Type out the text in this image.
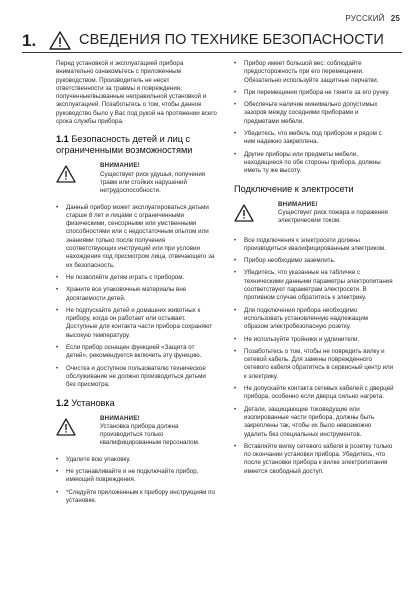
РУССКИЙ 25
1.	СВЕДЕНИЯ ПО ТЕХНИКЕ БЕЗОПАСНОСТИ

Перед установкой и эксплуатацией прибора внимательно ознакомьтесь с приложенным руководством. Производитель не несет ответственности за травмы и повреждения, полученные/вызванные неправильной установкой и эксплуатацией. Позаботьтесь о том, чтобы данное руководство было у Вас под рукой на протяжении всего срока службы прибора.

1.1 Безопасность детей и лиц с ограниченными возможностями
ВНИМАНИЕ!
Существует риск удушья, получения травм или стойких нарушений нетрудоспособности.
• Данный прибор может эксплуатироваться детьми старше 8 лет и лицами с ограниченными физическими, сенсорными или умственными способностями или с недостаточным опытом или знаниями только после получения соответствующих инструкций или при условии нахождения под присмотром лица, отвечающего за их безопасность.
• Не позволяйте детям играть с прибором.
• Храните все упаковочные материалы вне досягаемости детей.
• Не подпускайте детей и домашних животных к прибору, когда он работает или остывает. Доступные для контакта части прибора сохраняют высокую температуру.
• Если прибор оснащен функцией «Защита от детей», рекомендуется включить эту функцию.
• Очистка и доступное пользователю техническое обслуживание не должно производиться детьми без присмотра.
1.2 Установка
ВНИМАНИЕ!
Установка прибора должна производиться только квалифицированным персоналом.
• Удалите всю упаковку.
• Не устанавливайте и не подключайте прибор, имеющий повреждения.
• *Следуйте приложенным к прибору инструкциям по установке.
• Прибор имеет большой вес: соблюдайте предосторожность при его перемещении. Обязательно используйте защитные перчатки.
• При перемещении прибора не тяните за его ручку.
• Обеспечьте наличие минимально допустимых зазоров между соседними приборами и предметами мебели.
• Убедитесь, что мебель под прибором и рядом с ним надежно закреплена.
• Другие приборы или предметы мебели, находящиеся по обе стороны прибора, должны иметь ту же высоту.
Подключение к электросети
ВНИМАНИЕ!
Существует риск пожара и поражения электрическим током.
• Все подключения к электросети должны производиться квалифицированным электриком.
• Прибор необходимо заземлить.
• Убедитесь, что указанные на табличке с техническими данными параметры электропитания соответствуют параметрам электросети. В противном случае обратитесь к электрику.
• Для подключения прибора необходимо использовать установленную надлежащим образом электробезопасную розетку.
• Не используйте тройники и удлинители.
• Позаботьтесь о том, чтобы не повредить вилку и сетевой кабель. Для замены поврежденного сетевого кабеля обратитесь в сервисный центр или к электрику.
• Не допускайте контакта сетевых кабелей с дверцей прибора, особенно если дверца сильно нагрета.
• Детали, защищающие токоведущие или изолированные части прибора, должны быть закреплены так, чтобы их было невозможно удалить без специальных инструментов.
• Вставляйте вилку сетевого кабеля в розетку только по окончании установки прибора. Убедитесь, что после установки прибора к вилке электропитания имеется свободный доступ.
